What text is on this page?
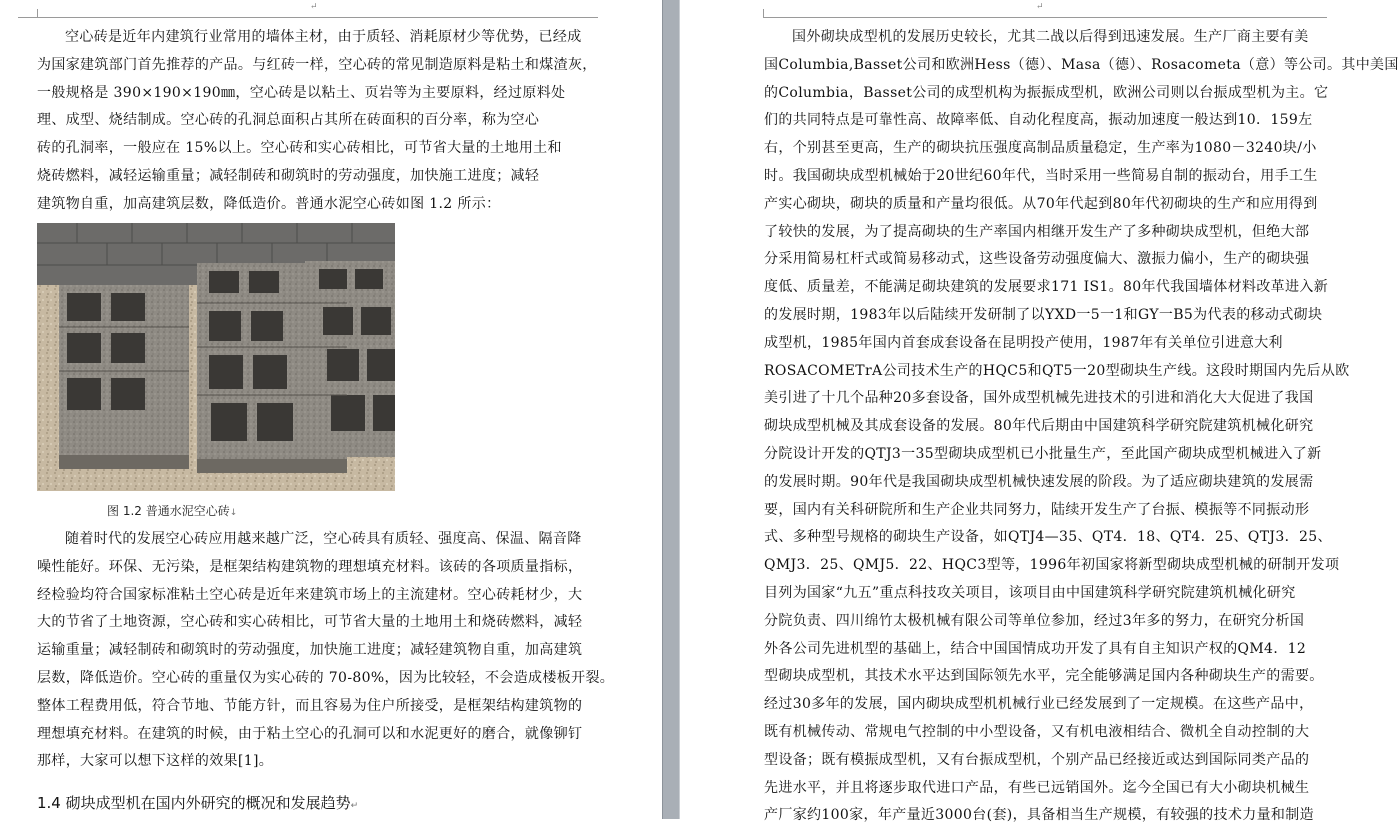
↵
空心砖是近年内建筑行业常用的墙体主材，由于质轻、消耗原材少等优势，已经成
为国家建筑部门首先推荐的产品。与红砖一样，空心砖的常见制造原料是粘土和煤渣灰，
一般规格是 390×190×190㎜，空心砖是以粘土、页岩等为主要原料，经过原料处
理、成型、烧结制成。空心砖的孔洞总面积占其所在砖面积的百分率，称为空心
砖的孔洞率，一般应在 15%以上。空心砖和实心砖相比，可节省大量的土地用土和
烧砖燃料，减轻运输重量；减轻制砖和砌筑时的劳动强度，加快施工进度；减轻
建筑物自重，加高建筑层数，降低造价。普通水泥空心砖如图 1.2 所示：
图 1.2 普通水泥空心砖↓
随着时代的发展空心砖应用越来越广泛，空心砖具有质轻、强度高、保温、隔音降
噪性能好。环保、无污染，是框架结构建筑物的理想填充材料。该砖的各项质量指标，
经检验均符合国家标准粘土空心砖是近年来建筑市场上的主流建材。空心砖耗材少，大
大的节省了土地资源，空心砖和实心砖相比，可节省大量的土地用土和烧砖燃料，减轻
运输重量；减轻制砖和砌筑时的劳动强度，加快施工进度；减轻建筑物自重，加高建筑
层数，降低造价。空心砖的重量仅为实心砖的 70-80%，因为比较轻，不会造成楼板开裂。
整体工程费用低，符合节地、节能方针，而且容易为住户所接受，是框架结构建筑物的
理想填充材料。在建筑的时候，由于粘土空心的孔洞可以和水泥更好的磨合，就像铆钉
那样，大家可以想下这样的效果[1]。
1.4 砌块成型机在国内外研究的概况和发展趋势↵
↵
国外砌块成型机的发展历史较长，尤其二战以后得到迅速发展。生产厂商主要有美
国Columbia,Basset公司和欧洲Hess（德）、Masa（德）、Rosacometa（意）等公司。其中美国
的Columbia，Basset公司的成型机构为振振成型机，欧洲公司则以台振成型机为主。它
们的共同特点是可靠性高、故障率低、自动化程度高，振动加速度一般达到10．159左
右，个别甚至更高，生产的砌块抗压强度高制品质量稳定，生产率为1080－3240块/小
时。我国砌块成型机械始于20世纪60年代，当时采用一些简易自制的振动台，用手工生
产实心砌块，砌块的质量和产量均很低。从70年代起到80年代初砌块的生产和应用得到
了较快的发展，为了提高砌块的生产率国内相继开发生产了多种砌块成型机，但绝大部
分采用简易杠杆式或简易移动式，这些设备劳动强度偏大、激振力偏小，生产的砌块强
度低、质量差，不能满足砌块建筑的发展要求171 IS1。80年代我国墙体材料改革进入新
的发展时期，1983年以后陆续开发研制了以YXD一5一1和GY一B5为代表的移动式砌块
成型机，1985年国内首套成套设备在昆明投产使用，1987年有关单位引进意大利
ROSACOMETrA公司技术生产的HQC5和QT5一20型砌块生产线。这段时期国内先后从欧
美引进了十几个品种20多套设备，国外成型机械先进技术的引进和消化大大促进了我国
砌块成型机械及其成套设备的发展。80年代后期由中国建筑科学研究院建筑机械化研究
分院设计开发的QTJ3一35型砌块成型机已小批量生产，至此国产砌块成型机械进入了新
的发展时期。90年代是我国砌块成型机械快速发展的阶段。为了适应砌块建筑的发展需
要，国内有关科研院所和生产企业共同努力，陆续开发生产了台振、模振等不同振动形
式、多种型号规格的砌块生产设备，如QTJ4—35、QT4．18、QT4．25、QTJ3．25、
QMJ3．25、QMJ5．22、HQC3型等，1996年初国家将新型砌块成型机械的研制开发项
目列为国家“九五”重点科技攻关项目，该项目由中国建筑科学研究院建筑机械化研究
分院负责、四川绵竹太极机械有限公司等单位参加，经过3年多的努力，在研究分析国
外各公司先进机型的基础上，结合中国国情成功开发了具有自主知识产权的QM4．12
型砌块成型机，其技术水平达到国际领先水平，完全能够满足国内各种砌块生产的需要。
经过30多年的发展，国内砌块成型机机械行业已经发展到了一定规模。在这些产品中，
既有机械传动、常规电气控制的中小型设备，又有机电液相结合、微机全自动控制的大
型设备；既有模振成型机，又有台振成型机，个别产品已经接近或达到国际同类产品的
先进水平，并且将逐步取代进口产品，有些已远销国外。迄今全国已有大小砌块机械生
产厂家约100家，年产量近3000台(套)，具备相当生产规模，有较强的技术力量和制造
